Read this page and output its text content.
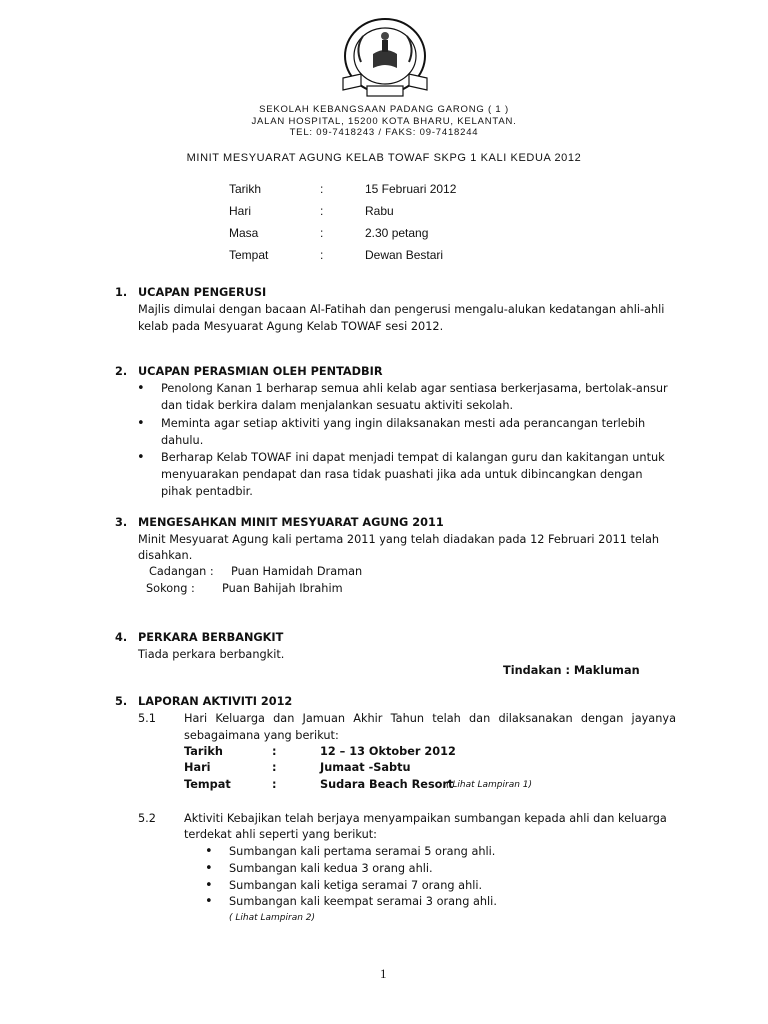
SEKOLAH KEBANGSAAN PADANG GARONG ( 1 )
JALAN HOSPITAL, 15200 KOTA BHARU, KELANTAN.
TEL: 09-7418243 / FAKS: 09-7418244
MINIT MESYUARAT AGUNG KELAB TOWAF SKPG 1 KALI KEDUA 2012
Tarikh	:	15 Februari 2012
Hari	:	Rabu
Masa	:	2.30 petang
Tempat	:	Dewan Bestari
1. UCAPAN PENGERUSI
Majlis dimulai dengan bacaan Al-Fatihah dan pengerusi mengalu-alukan kedatangan ahli-ahli
kelab pada Mesyuarat Agung Kelab TOWAF sesi 2012.
2. UCAPAN PERASMIAN OLEH PENTADBIR
• Penolong Kanan 1 berharap semua ahli kelab agar sentiasa berkerjasama, bertolak-ansur
dan tidak berkira dalam menjalankan sesuatu aktiviti sekolah.
• Meminta agar setiap aktiviti yang ingin dilaksanakan mesti ada perancangan terlebih
dahulu.
• Berharap Kelab TOWAF ini dapat menjadi tempat di kalangan guru dan kakitangan untuk
menyuarakan pendapat dan rasa tidak puashati jika ada untuk dibincangkan dengan
pihak pentadbir.
3. MENGESAHKAN MINIT MESYUARAT AGUNG 2011
Minit Mesyuarat Agung kali pertama 2011 yang telah diadakan pada 12 Februari 2011 telah
disahkan.
Cadangan : Puan Hamidah Draman
Sokong : Puan Bahijah Ibrahim
4. PERKARA BERBANGKIT
Tiada perkara berbangkit.
Tindakan : Makluman
5. LAPORAN AKTIVITI 2012
5.1 Hari Keluarga dan Jamuan Akhir Tahun telah dan dilaksanakan dengan jayanya
sebagaimana yang berikut:
Tarikh	:	12 – 13 Oktober 2012
Hari	:	Jumaat -Sabtu
Tempat	:	Sudara Beach Resort
( Lihat Lampiran 1)
5.2 Aktiviti Kebajikan telah berjaya menyampaikan sumbangan kepada ahli dan keluarga
terdekat ahli seperti yang berikut:
• Sumbangan kali pertama seramai 5 orang ahli.
• Sumbangan kali kedua 3 orang ahli.
• Sumbangan kali ketiga seramai 7 orang ahli.
• Sumbangan kali keempat seramai 3 orang ahli.
( Lihat Lampiran 2)
1
